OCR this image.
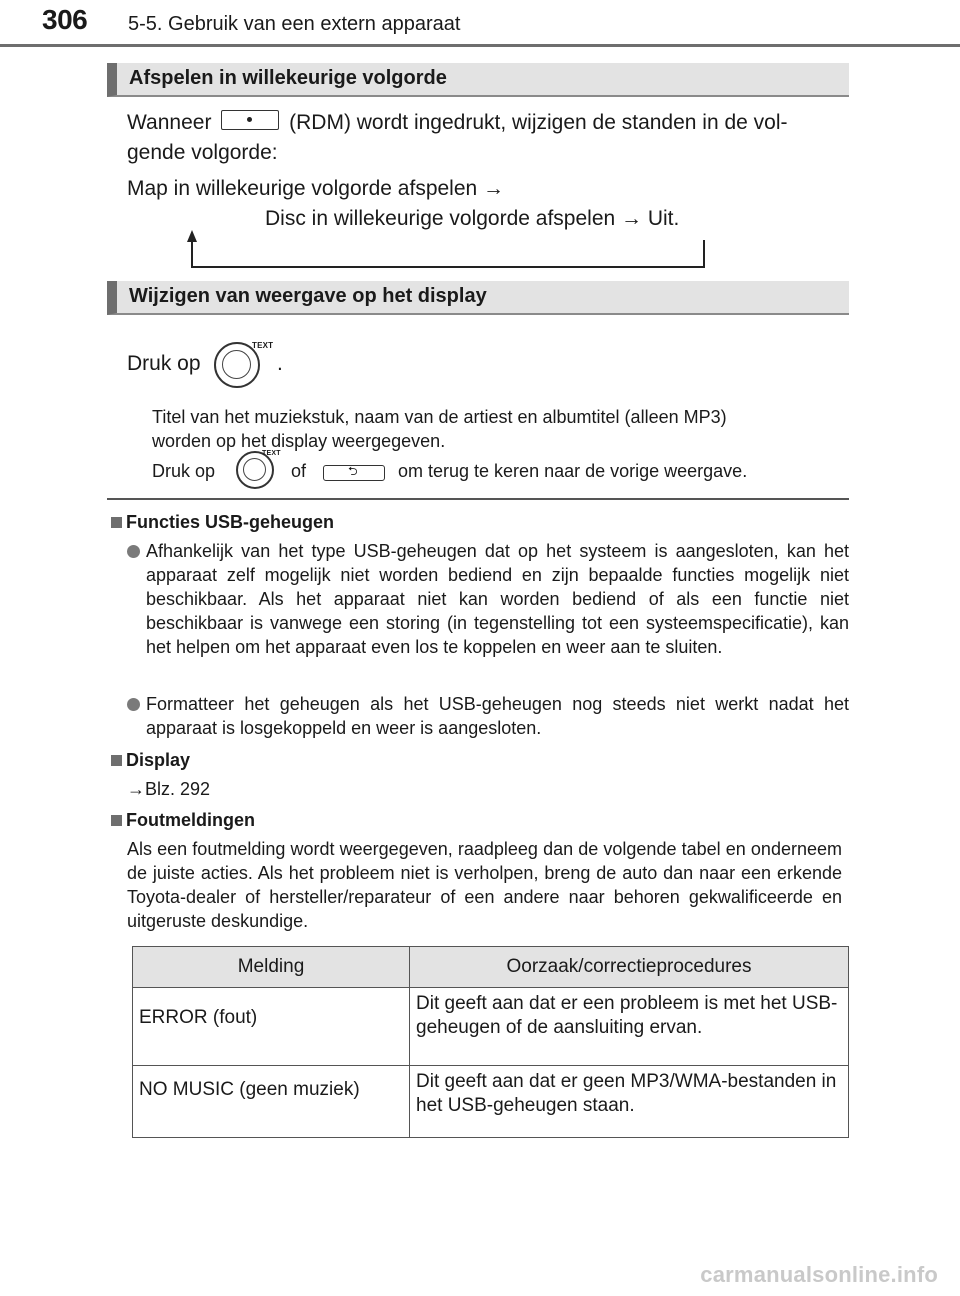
306 5-5. Gebruik van een extern apparaat
Afspelen in willekeurige volgorde
Wanneer	(RDM) wordt ingedrukt, wijzigen de standen in de vol-
gende volgorde:
Map in willekeurige volgorde afspelen →
Disc in willekeurige volgorde afspelen → Uit.
Wijzigen van weergave op het display
Druk op
TEXT
.
Titel van het muziekstuk, naam van de artiest en albumtitel (alleen MP3)
worden op het display weergegeven.
Druk op
TEXT
of	⮌ om terug te keren naar de vorige weergave.
Functies USB-geheugen
Afhankelijk van het type USB-geheugen dat op het systeem is aangesloten, kan het apparaat zelf mogelijk niet worden bediend en zijn bepaalde functies mogelijk niet beschikbaar. Als het apparaat niet kan worden bediend of als een functie niet beschikbaar is vanwege een storing (in tegenstelling tot een systeemspecificatie), kan het helpen om het apparaat even los te koppelen en weer aan te sluiten.
Formatteer het geheugen als het USB-geheugen nog steeds niet werkt nadat het apparaat is losgekoppeld en weer is aangesloten.
Display
→Blz. 292
Foutmeldingen
Als een foutmelding wordt weergegeven, raadpleeg dan de volgende tabel en onderneem de juiste acties. Als het probleem niet is verholpen, breng de auto dan naar een erkende Toyota-dealer of hersteller/reparateur of een andere naar behoren gekwalificeerde en uitgeruste deskundige.
Melding	Oorzaak/correctieprocedures
ERROR (fout)	Dit geeft aan dat er een probleem is met het USB-geheugen of de aansluiting ervan.
NO MUSIC (geen muziek)	Dit geeft aan dat er geen MP3/WMA-bestanden in het USB-geheugen staan.
carmanualsonline.info
